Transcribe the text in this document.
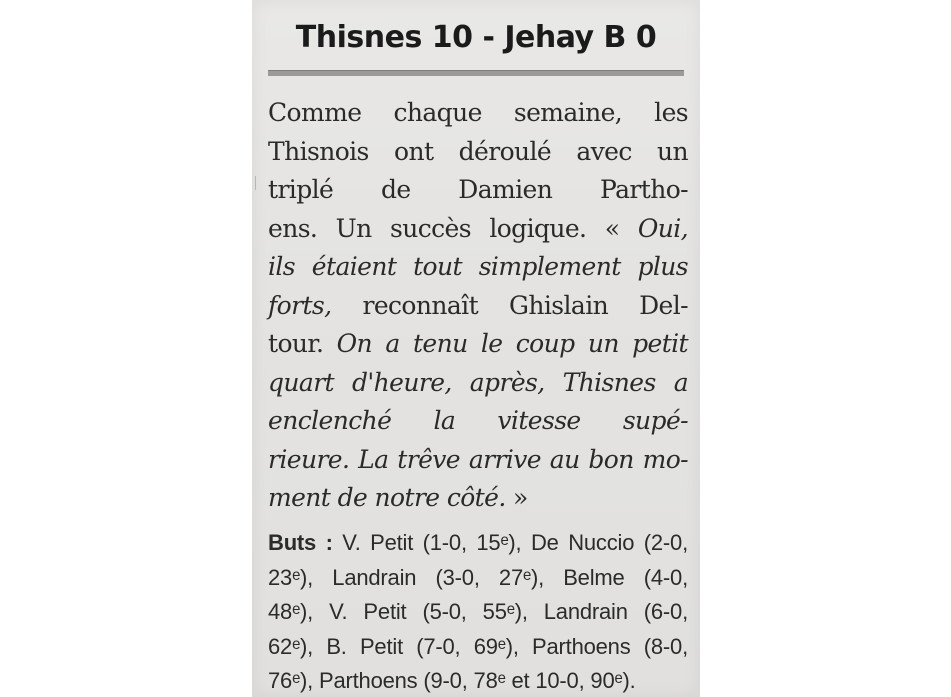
Thisnes 10 - Jehay B 0
Comme chaque semaine, les
Thisnois ont déroulé avec un
triplé de Damien Partho-
ens. Un succès logique. « Oui,
ils étaient tout simplement plus
forts, reconnaît Ghislain Del-
tour. On a tenu le coup un petit
quart d'heure, après, Thisnes a
enclenché la vitesse supé-
rieure. La trêve arrive au bon mo-
ment de notre côté. »
Buts : V. Petit (1-0, 15ᵉ), De Nuccio (2-0,
23ᵉ), Landrain (3-0, 27ᵉ), Belme (4-0,
48ᵉ), V. Petit (5-0, 55ᵉ), Landrain (6-0,
62ᵉ), B. Petit (7-0, 69ᵉ), Parthoens (8-0,
76ᵉ), Parthoens (9-0, 78ᵉ et 10-0, 90ᵉ).
